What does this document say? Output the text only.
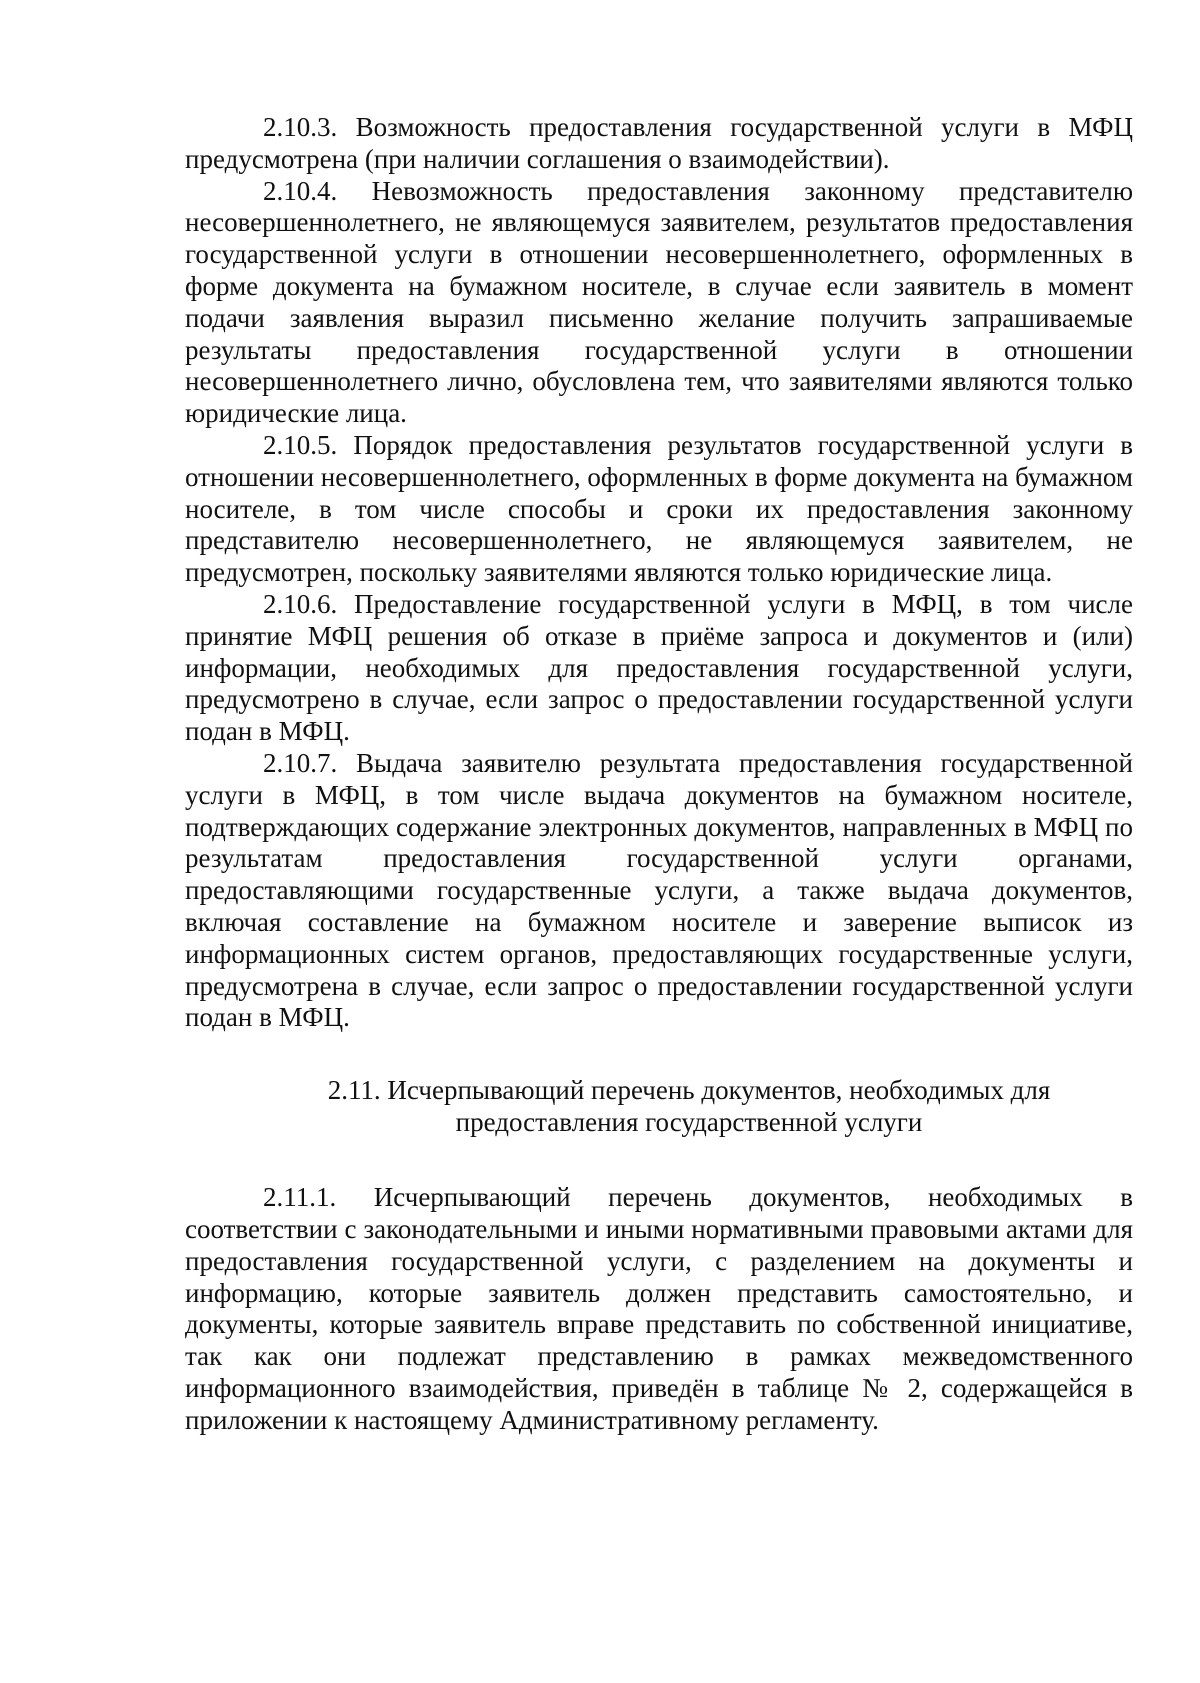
2.10.3. Возможность предоставления государственной услуги в МФЦ предусмотрена (при наличии соглашения о взаимодействии).

2.10.4. Невозможность предоставления законному представителю несовершеннолетнего, не являющемуся заявителем, результатов предоставления государственной услуги в отношении несовершеннолетнего, оформленных в форме документа на бумажном носителе, в случае если заявитель в момент подачи заявления выразил письменно желание получить запрашиваемые результаты предоставления государственной услуги в отношении несовершеннолетнего лично, обусловлена тем, что заявителями являются только юридические лица.

2.10.5. Порядок предоставления результатов государственной услуги в отношении несовершеннолетнего, оформленных в форме документа на бумажном носителе, в том числе способы и сроки их предоставления законному представителю несовершеннолетнего, не являющемуся заявителем, не предусмотрен, поскольку заявителями являются только юридические лица.

2.10.6. Предоставление государственной услуги в МФЦ, в том числе принятие МФЦ решения об отказе в приёме запроса и документов и (или) информации, необходимых для предоставления государственной услуги, предусмотрено в случае, если запрос о предоставлении государственной услуги подан в МФЦ.

2.10.7. Выдача заявителю результата предоставления государственной услуги в МФЦ, в том числе выдача документов на бумажном носителе, подтверждающих содержание электронных документов, направленных в МФЦ по результатам предоставления государственной услуги органами, предоставляющими государственные услуги, а также выдача документов, включая составление на бумажном носителе и заверение выписок из информационных систем органов, предоставляющих государственные услуги, предусмотрена в случае, если запрос о предоставлении государственной услуги подан в МФЦ.

2.11. Исчерпывающий перечень документов, необходимых для
предоставления государственной услуги

2.11.1. Исчерпывающий перечень документов, необходимых в соответствии с законодательными и иными нормативными правовыми актами для предоставления государственной услуги, с разделением на документы и информацию, которые заявитель должен представить самостоятельно, и документы, которые заявитель вправе представить по собственной инициативе, так как они подлежат представлению в рамках межведомственного информационного взаимодействия, приведён в таблице № 2, содержащейся в приложении к настоящему Административному регламенту.
